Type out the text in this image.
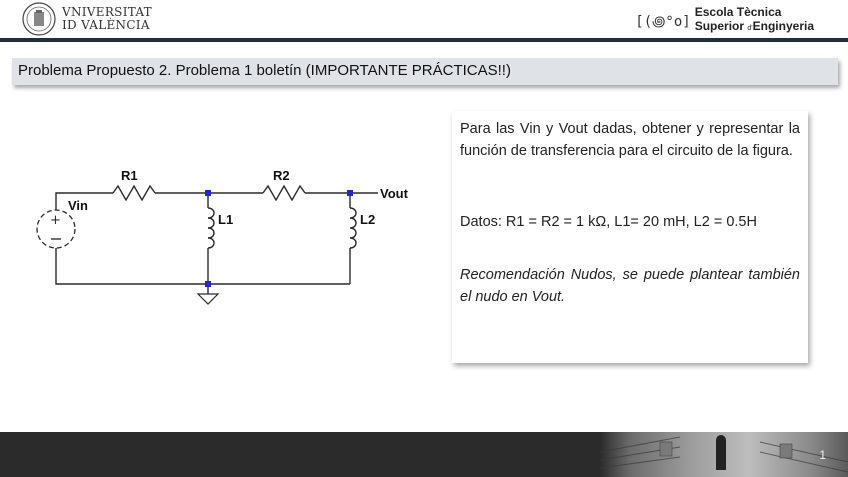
VNIVERSITAT
ID VALÈNCIA	[(꩜°o]
Escola Tècnica
Superior d'Enginyeria
Problema Propuesto 2. Problema 1 boletín (IMPORTANTE PRÁCTICAS!!)
+
R1	R2
L1	L2
Vin
Vout

Para las Vin y Vout dadas, obtener y representar la función de transferencia para el circuito de la figura.

Datos: R1 = R2 = 1 kΩ, L1= 20 mH, L2 = 0.5H

Recomendación Nudos, se puede plantear también el nudo en Vout.

1
